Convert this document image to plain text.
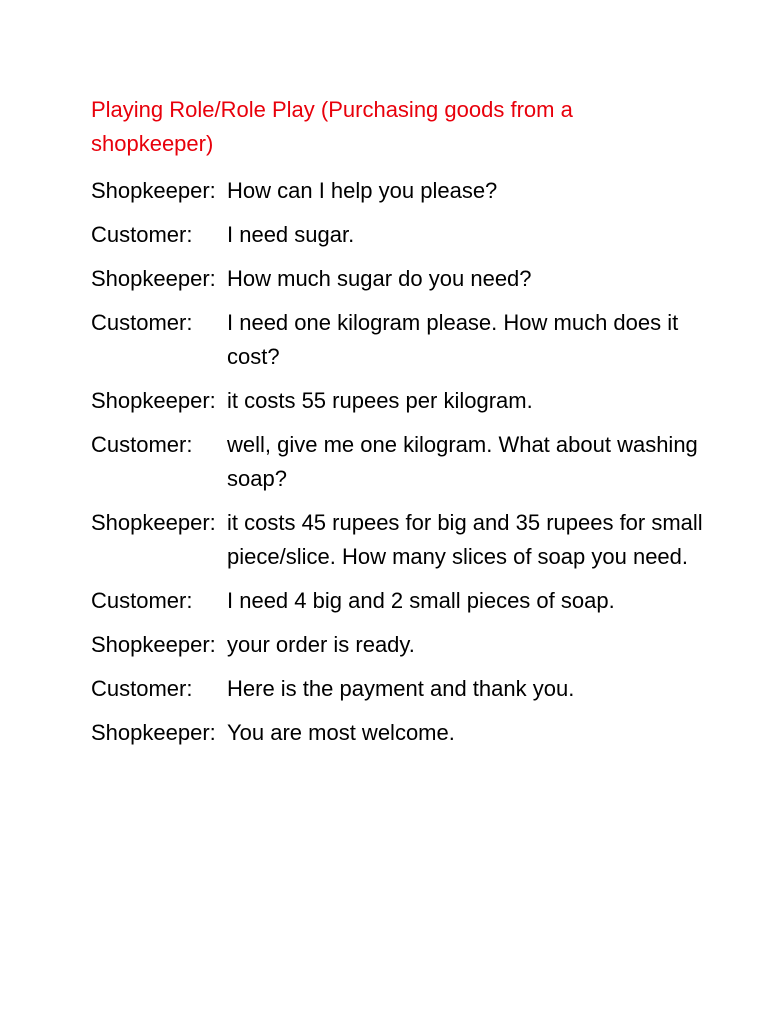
Playing Role/Role Play (Purchasing goods from a shopkeeper)
Shopkeeper: How can I help you please?
Customer:	I need sugar.
Shopkeeper: How much sugar do you need?
Customer:	I need one kilogram please. How much does it cost?
Shopkeeper: it costs 55 rupees per kilogram.
Customer:	well, give me one kilogram. What about washing soap?
Shopkeeper: it costs 45 rupees for big and 35 rupees for small piece/slice. How many slices of soap you need.
Customer:	I need 4 big and 2 small pieces of soap.
Shopkeeper: your order is ready.
Customer:	Here is the payment and thank you.
Shopkeeper: You are most welcome.
